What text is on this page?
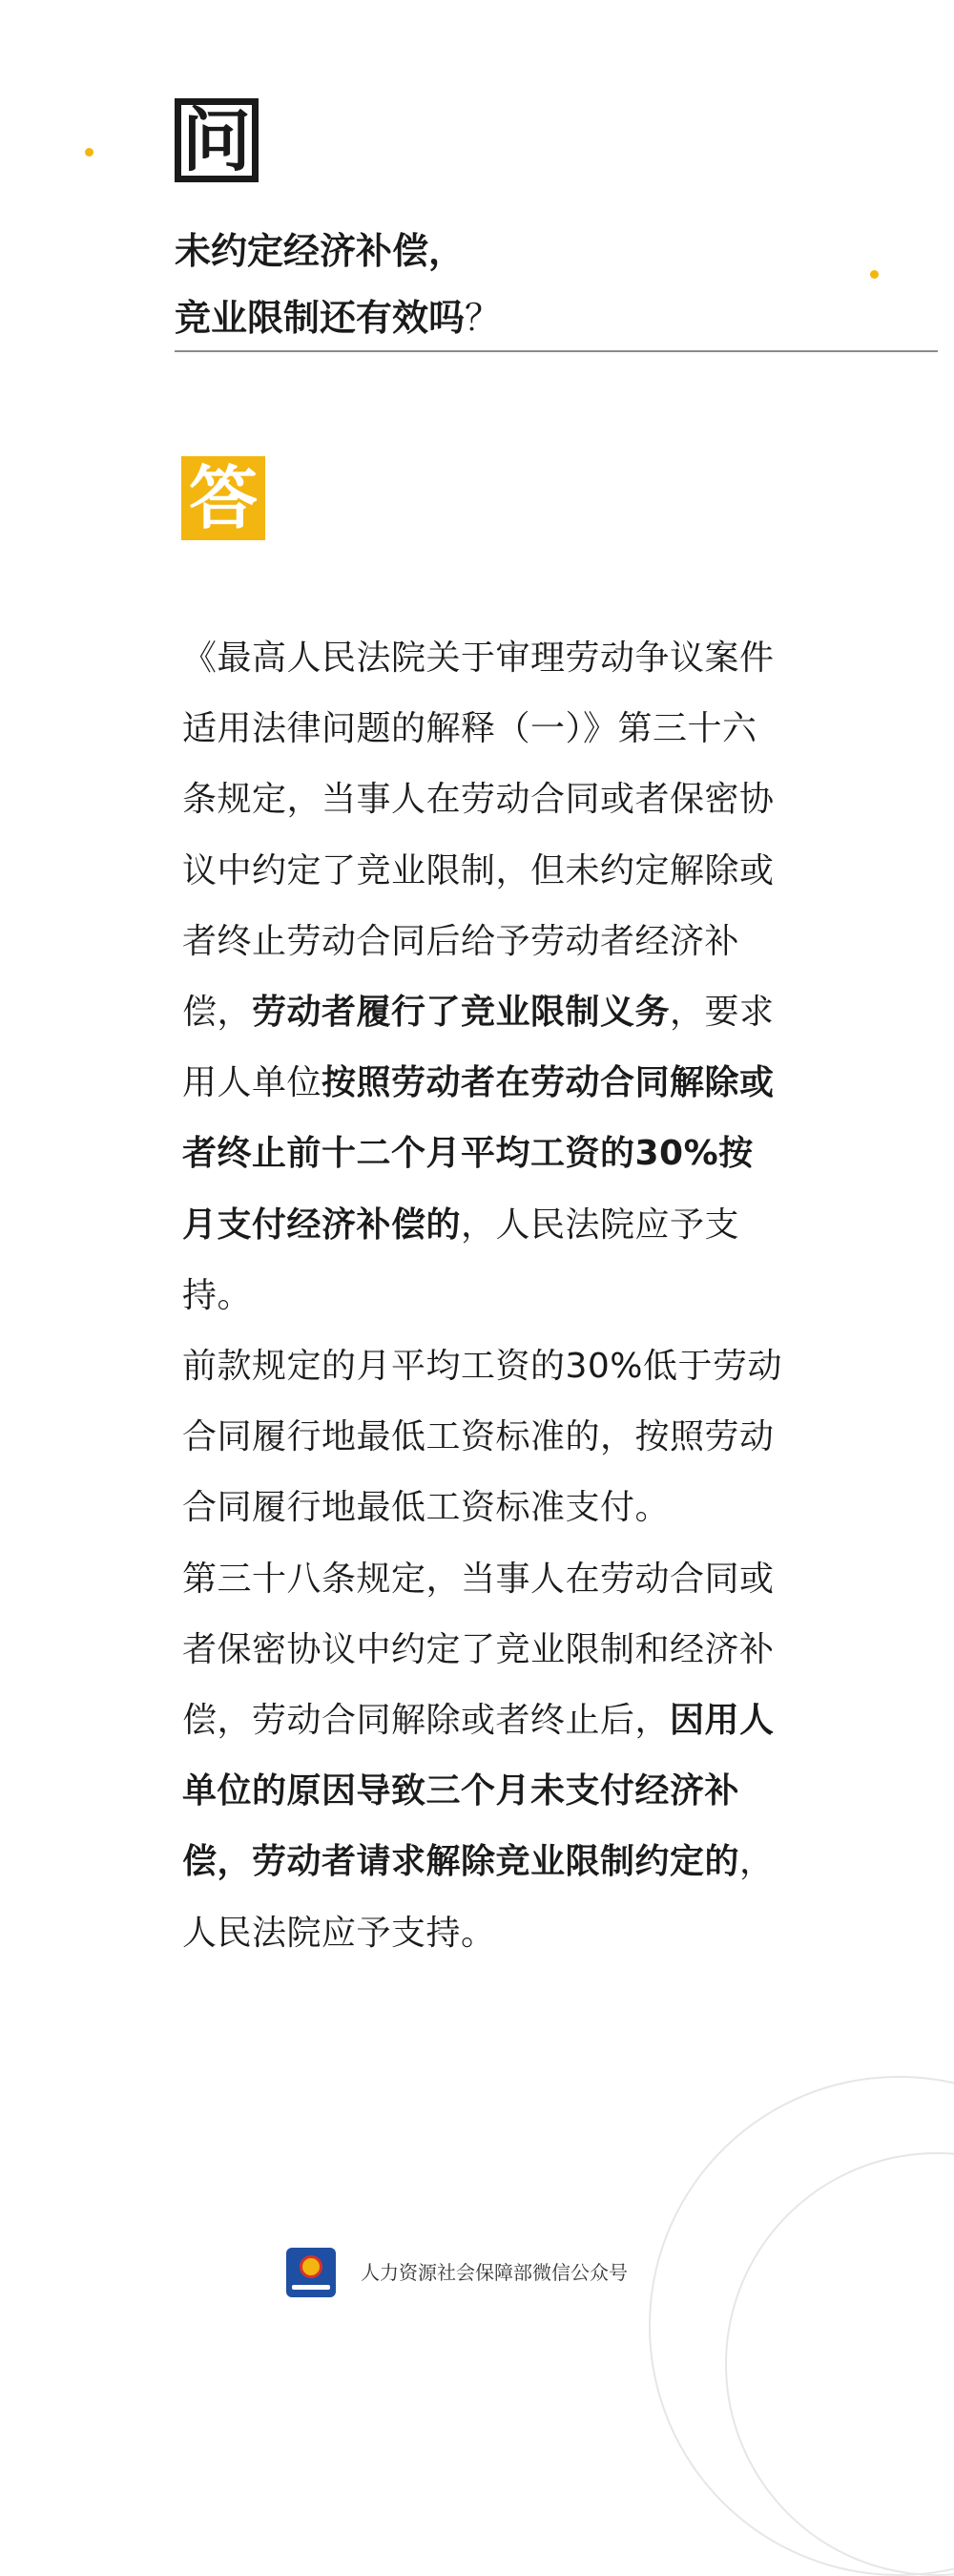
问
未约定经济补偿，
竞业限制还有效吗？
答

《最高人民法院关于审理劳动争议案件适用法律问题的解释（一）》第三十六条规定，当事人在劳动合同或者保密协议中约定了竞业限制，但未约定解除或者终止劳动合同后给予劳动者经济补偿，劳动者履行了竞业限制义务，要求用人单位按照劳动者在劳动合同解除或者终止前十二个月平均工资的30%按月支付经济补偿的，人民法院应予支持。

前款规定的月平均工资的30%低于劳动合同履行地最低工资标准的，按照劳动合同履行地最低工资标准支付。

第三十八条规定，当事人在劳动合同或者保密协议中约定了竞业限制和经济补偿，劳动合同解除或者终止后，因用人单位的原因导致三个月未支付经济补偿，劳动者请求解除竞业限制约定的，人民法院应予支持。

人力资源社会保障部微信公众号
